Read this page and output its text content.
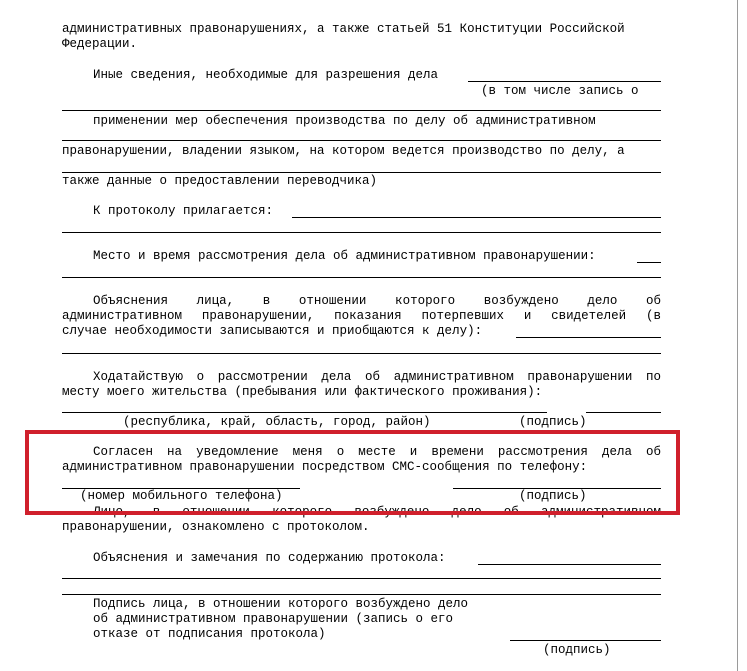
административных правонарушениях, а также статьей 51 Конституции Российской
Федерации.
Иные сведения, необходимые для разрешения дела
(в том числе запись о
применении мер обеспечения производства по делу об административном
правонарушении, владении языком, на котором ведется производство по делу, а
также данные о предоставлении переводчика)
К протоколу прилагается:
Место и время рассмотрения дела об административном правонарушении:
Объяснения лица, в отношении которого возбуждено дело об
административном правонарушении, показания потерпевших и свидетелей (в
случае необходимости записываются и приобщаются к делу):
Ходатайствую о рассмотрении дела об административном правонарушении по
месту моего жительства (пребывания или фактического проживания):
(республика, край, область, город, район)	(подпись)
Согласен на уведомление меня о месте и времени рассмотрения дела об
административном правонарушении посредством СМС-сообщения по телефону:
(номер мобильного телефона)	(подпись)
Лицо, в отношении которого возбуждено дело об административном
правонарушении, ознакомлено с протоколом.
Объяснения и замечания по содержанию протокола:
Подпись лица, в отношении которого возбуждено дело
об административном правонарушении (запись о его
отказе от подписания протокола)
(подпись)
